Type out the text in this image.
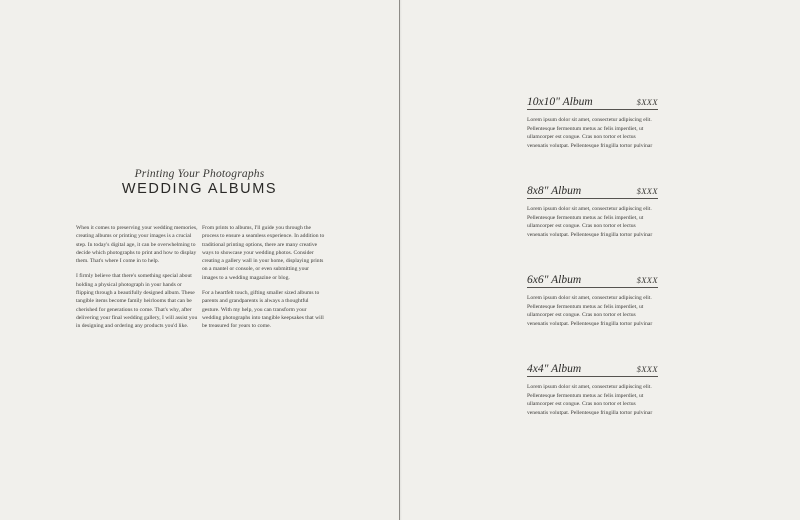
Printing Your Photographs
WEDDING ALBUMS

When it comes to preserving your wedding memories, creating albums or printing your images is a crucial step. In today's digital age, it can be overwhelming to decide which photographs to print and how to display them. That's where I come in to help.

I firmly believe that there's something special about holding a physical photograph in your hands or flipping through a beautifully designed album. These tangible items become family heirlooms that can be cherished for generations to come. That's why, after delivering your final wedding gallery, I will assist you in designing and ordering any products you'd like.

From prints to albums, I'll guide you through the process to ensure a seamless experience. In addition to traditional printing options, there are many creative ways to showcase your wedding photos. Consider creating a gallery wall in your home, displaying prints on a mantel or console, or even submitting your images to a wedding magazine or blog.

For a heartfelt touch, gifting smaller sized albums to parents and grandparents is always a thoughtful gesture. With my help, you can transform your wedding photographs into tangible keepsakes that will be treasured for years to come.

10x10" Album	$XXX

Lorem ipsum dolor sit amet, consectetur adipiscing elit. Pellentesque fermentum metus ac felis imperdiet, ut ullamcorper est congue. Cras non tortor et lectus venenatis volutpat. Pellentesque fringilla tortor pulvinar

8x8" Album	$XXX

Lorem ipsum dolor sit amet, consectetur adipiscing elit. Pellentesque fermentum metus ac felis imperdiet, ut ullamcorper est congue. Cras non tortor et lectus venenatis volutpat. Pellentesque fringilla tortor pulvinar

6x6" Album	$XXX

Lorem ipsum dolor sit amet, consectetur adipiscing elit. Pellentesque fermentum metus ac felis imperdiet, ut ullamcorper est congue. Cras non tortor et lectus venenatis volutpat. Pellentesque fringilla tortor pulvinar

4x4" Album	$XXX

Lorem ipsum dolor sit amet, consectetur adipiscing elit. Pellentesque fermentum metus ac felis imperdiet, ut ullamcorper est congue. Cras non tortor et lectus venenatis volutpat. Pellentesque fringilla tortor pulvinar
